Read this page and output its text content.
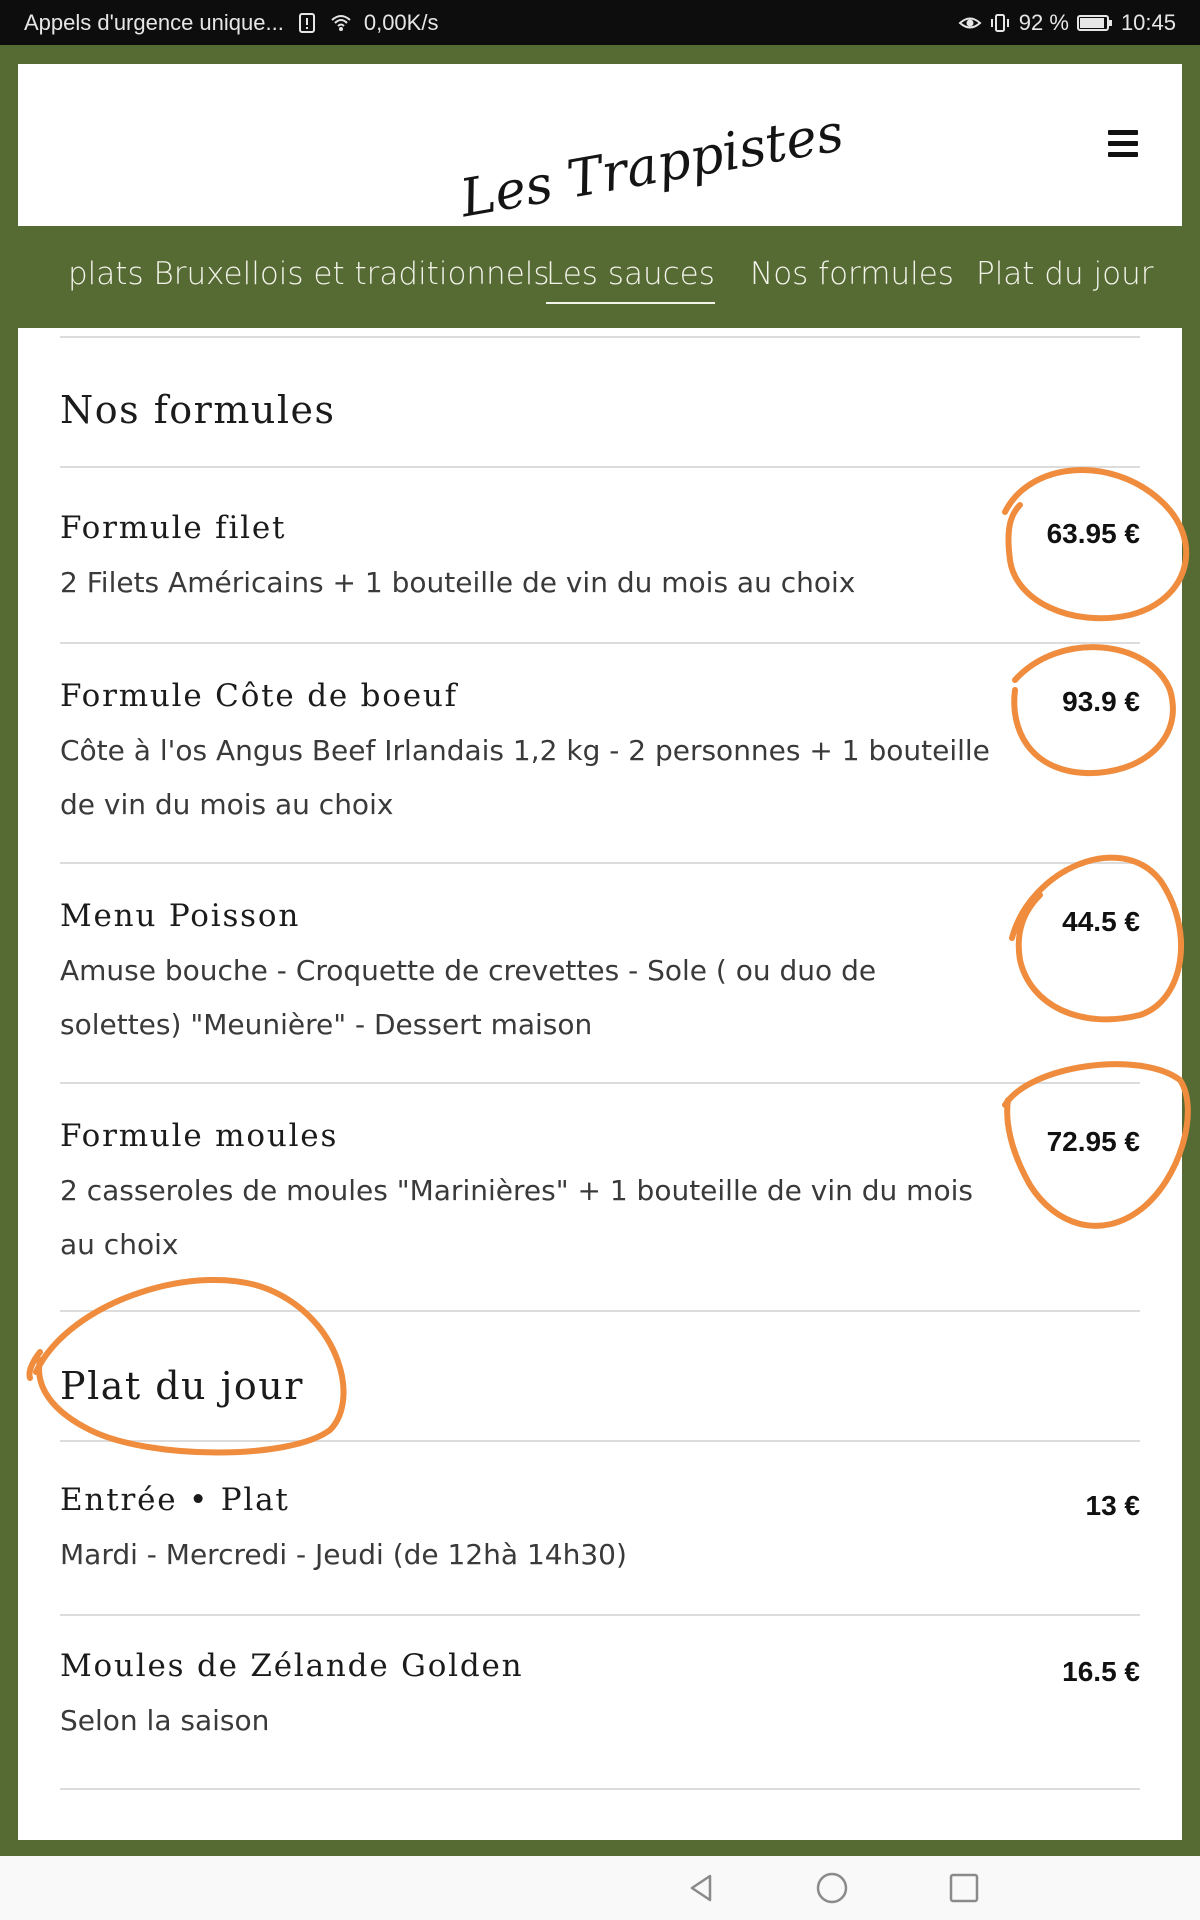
Appels d'urgence unique...	0,00K/s	92 % 10:45
Les Trappistes
plats Bruxellois et traditionnels
Les sauces Nos formules Plat du jour
Nos formules
Formule filet	63.95 €
2 Filets Américains + 1 bouteille de vin du mois au choix
Formule Côte de boeuf	93.9 €
Côte à l'os Angus Beef Irlandais 1,2 kg - 2 personnes + 1 bouteille de vin du mois au choix
Menu Poisson	44.5 €
Amuse bouche - Croquette de crevettes - Sole ( ou duo de solettes) "Meunière" - Dessert maison
Formule moules	72.95 €
2 casseroles de moules "Marinières" + 1 bouteille de vin du mois au choix
Plat du jour
Entrée • Plat	13 €
Mardi - Mercredi - Jeudi (de 12hà 14h30)
Moules de Zélande Golden	16.5 €
Selon la saison
